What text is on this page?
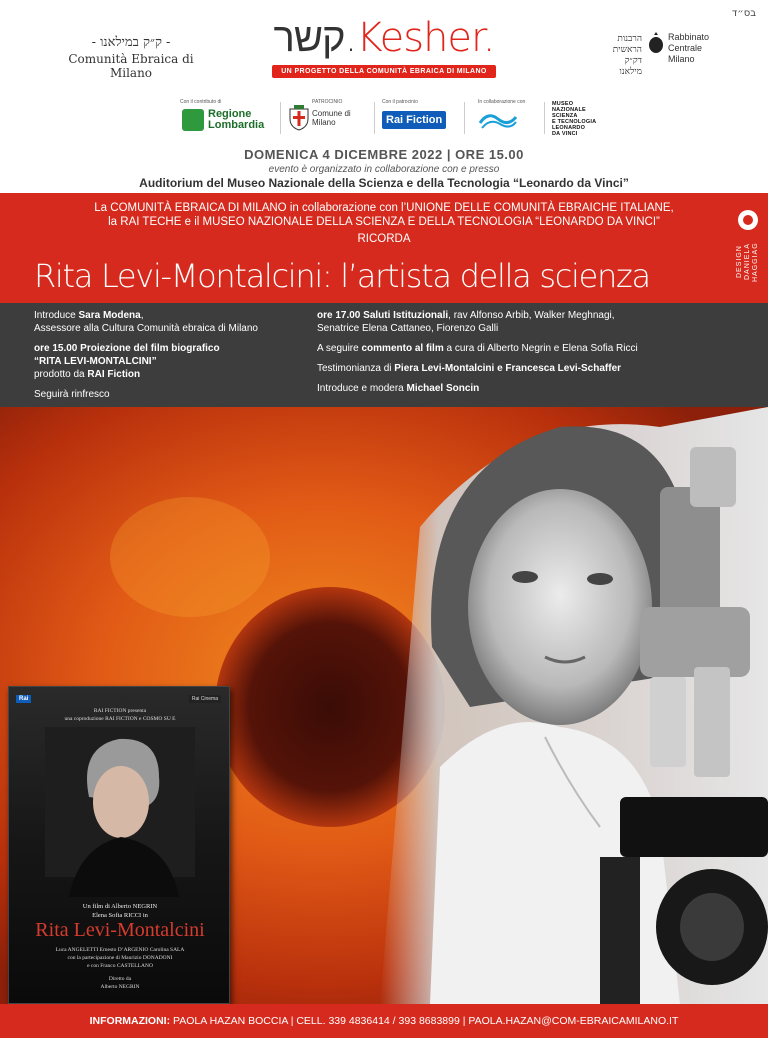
בס״ד
- ק״ק במילאנו -
Comunità Ebraica di Milano
קשר.Kesher.
UN PROGETTO DELLA COMUNITÀ EBRAICA DI MILANO
הרבנות
הראשית
דק״ק מילאנו
Rabbinato
Centrale
Milano
Con il contributo di
Regione
Lombardia
PATROCINIO
Comune di
Milano
Con il patrocinio
Rai Fiction
In collaborazione con	MUSEO
NAZIONALE
SCIENZA
E TECNOLOGIA
LEONARDO
DA VINCI
DOMENICA 4 DICEMBRE 2022 | ORE 15.00
evento è organizzato in collaborazione con e presso
Auditorium del Museo Nazionale della Scienza e della Tecnologia “Leonardo da Vinci”
La COMUNITÀ EBRAICA DI MILANO in collaborazione con l’UNIONE DELLE COMUNITÀ EBRAICHE ITALIANE,
la RAI TECHE e il MUSEO NAZIONALE DELLA SCIENZA E DELLA TECNOLOGIA “LEONARDO DA VINCI”
RICORDA
Rita Levi-Montalcini: l’artista della scienza	DESIGN DANIELA HAGGIAG

Introduce Sara Modena,

Assessore alla Cultura Comunità ebraica di Milano

ore 15.00 Proiezione del film biografico

“RITA LEVI-MONTALCINI”

prodotto da RAI Fiction

Seguirà rinfresco

ore 17.00 Saluti Istituzionali, rav Alfonso Arbib, Walker Meghnagi,

Senatrice Elena Cattaneo, Fiorenzo Galli

A seguire commento al film a cura di Alberto Negrin e Elena Sofia Ricci

Testimonianza di Piera Levi-Montalcini e Francesca Levi-Schaffer

Introduce e modera Michael Soncin

Rai	Rai Cinema
RAI FICTION presenta
una coproduzione RAI FICTION e COSMO SU E
Un film di Alberto NEGRIN
Elena Sofia RICCI in
Rita Levi-Montalcini
Luca ANGELETTI Ernesto D’ARGENIO Carolina SALA
con la partecipazione di Maurizio DONADONI
e con Franco CASTELLANO
Diretto da
Alberto NEGRIN
INFORMAZIONI: PAOLA HAZAN BOCCIA | CELL. 339 4836414 / 393 8683899 | PAOLA.HAZAN@COM-EBRAICAMILANO.IT
